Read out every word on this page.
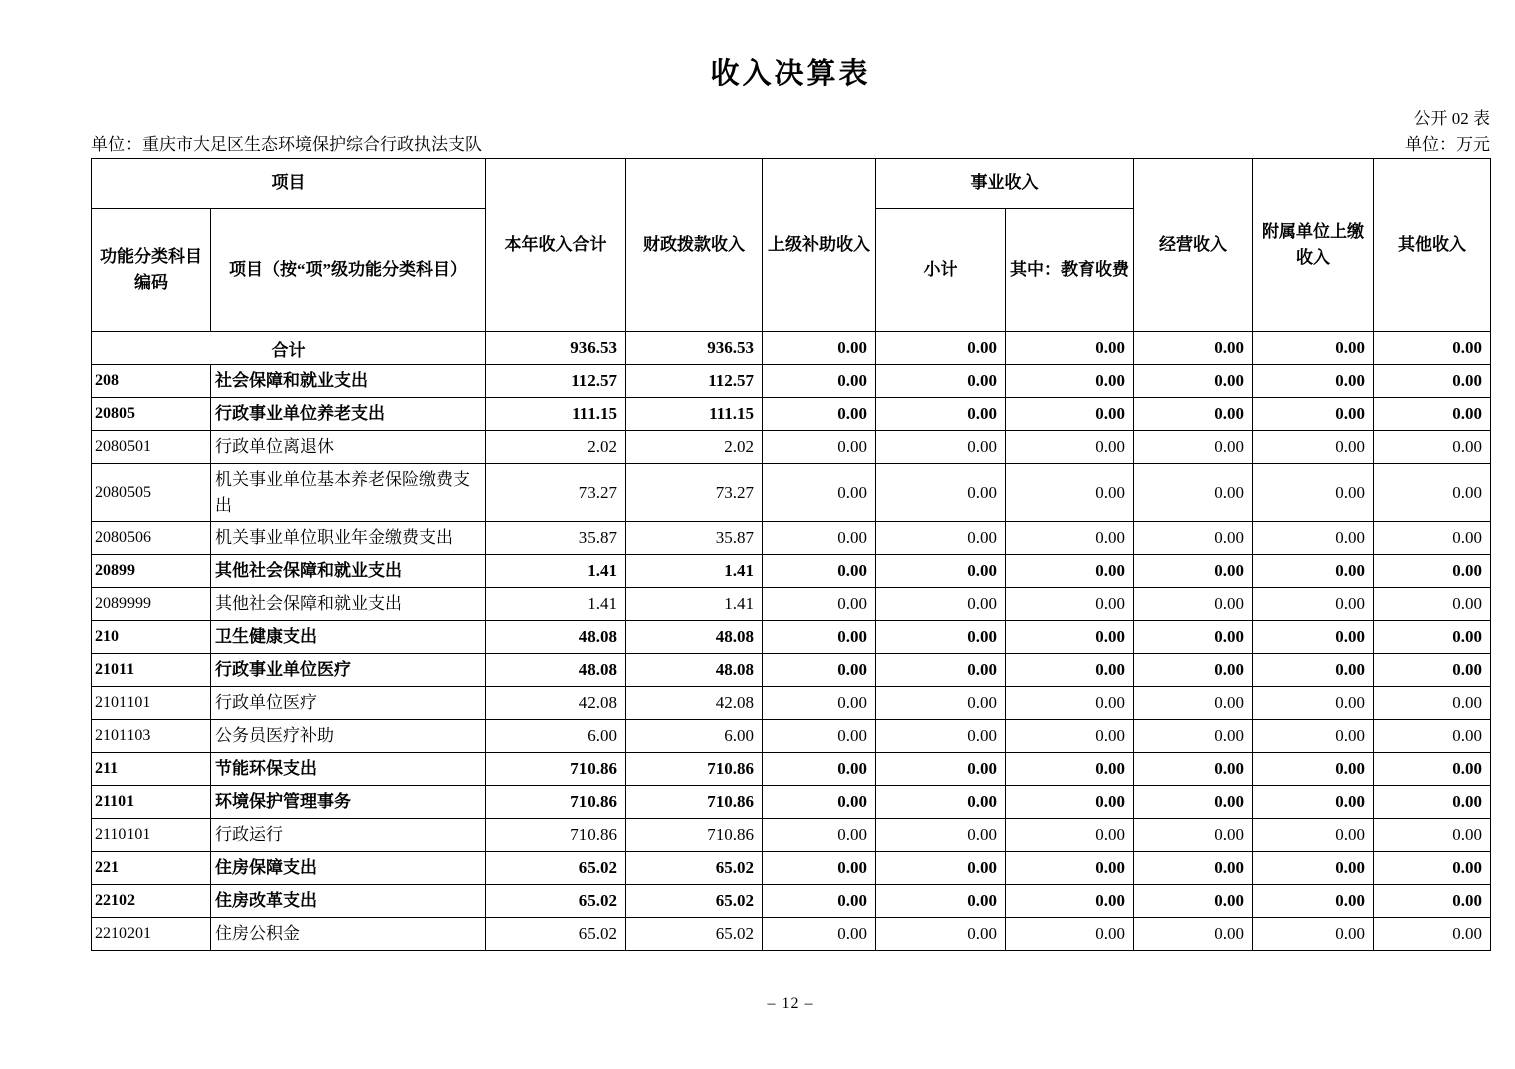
收入决算表
公开 02 表
单位：重庆市大足区生态环境保护综合行政执法支队	单位：万元
项目		本年收入合计	财政拨款收入	上级补助收入	事业收入		经营收入	附属单位上缴收入	其他收入
功能分类科目编码	项目（按“项”级功能分类科目）				小计	其中：教育收费			
合计		936.53	936.53	0.00	0.00	0.00	0.00	0.00	0.00
208	社会保障和就业支出	112.57	112.57	0.00	0.00	0.00	0.00	0.00	0.00
20805	行政事业单位养老支出	111.15	111.15	0.00	0.00	0.00	0.00	0.00	0.00
2080501	行政单位离退休	2.02	2.02	0.00	0.00	0.00	0.00	0.00	0.00
2080505	机关事业单位基本养老保险缴费支出	73.27	73.27	0.00	0.00	0.00	0.00	0.00	0.00
2080506	机关事业单位职业年金缴费支出	35.87	35.87	0.00	0.00	0.00	0.00	0.00	0.00
20899	其他社会保障和就业支出	1.41	1.41	0.00	0.00	0.00	0.00	0.00	0.00
2089999	其他社会保障和就业支出	1.41	1.41	0.00	0.00	0.00	0.00	0.00	0.00
210	卫生健康支出	48.08	48.08	0.00	0.00	0.00	0.00	0.00	0.00
21011	行政事业单位医疗	48.08	48.08	0.00	0.00	0.00	0.00	0.00	0.00
2101101	行政单位医疗	42.08	42.08	0.00	0.00	0.00	0.00	0.00	0.00
2101103	公务员医疗补助	6.00	6.00	0.00	0.00	0.00	0.00	0.00	0.00
211	节能环保支出	710.86	710.86	0.00	0.00	0.00	0.00	0.00	0.00
21101	环境保护管理事务	710.86	710.86	0.00	0.00	0.00	0.00	0.00	0.00
2110101	行政运行	710.86	710.86	0.00	0.00	0.00	0.00	0.00	0.00
221	住房保障支出	65.02	65.02	0.00	0.00	0.00	0.00	0.00	0.00
22102	住房改革支出	65.02	65.02	0.00	0.00	0.00	0.00	0.00	0.00
2210201	住房公积金	65.02	65.02	0.00	0.00	0.00	0.00	0.00	0.00
– 12 –
